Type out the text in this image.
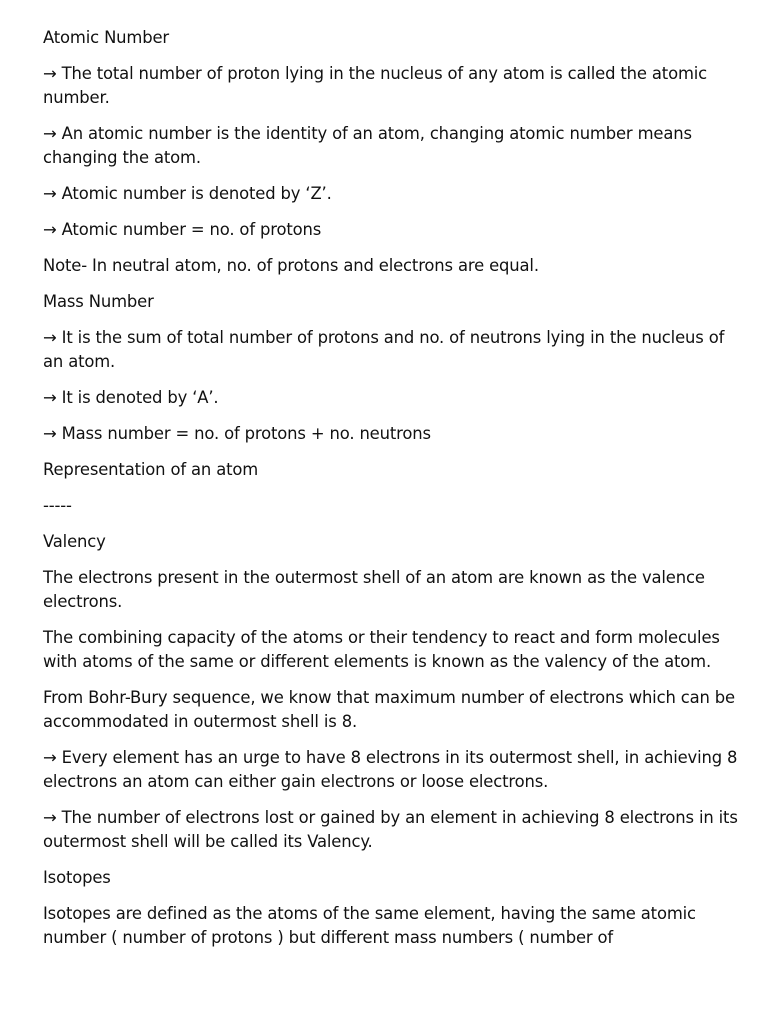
Atomic Number

→ The total number of proton lying in the nucleus of any atom is called the atomic number.

→ An atomic number is the identity of an atom, changing atomic number means changing the atom.

→ Atomic number is denoted by ‘Z’.

→ Atomic number = no. of protons

Note- In neutral atom, no. of protons and electrons are equal.

Mass Number

→ It is the sum of total number of protons and no. of neutrons lying in the nucleus of an atom.

→ It is denoted by ‘A’.

→ Mass number = no. of protons + no. neutrons

Representation of an atom

-----

Valency

The electrons present in the outermost shell of an atom are known as the valence electrons.

The combining capacity of the atoms or their tendency to react and form molecules with atoms of the same or different elements is known as the valency of the atom.

From Bohr-Bury sequence, we know that maximum number of electrons which can be accommodated in outermost shell is 8.

→ Every element has an urge to have 8 electrons in its outermost shell, in achieving 8 electrons an atom can either gain electrons or loose electrons.

→ The number of electrons lost or gained by an element in achieving 8 electrons in its outermost shell will be called its Valency.

Isotopes

Isotopes are defined as the atoms of the same element, having the same atomic number ( number of protons ) but different mass numbers ( number of
